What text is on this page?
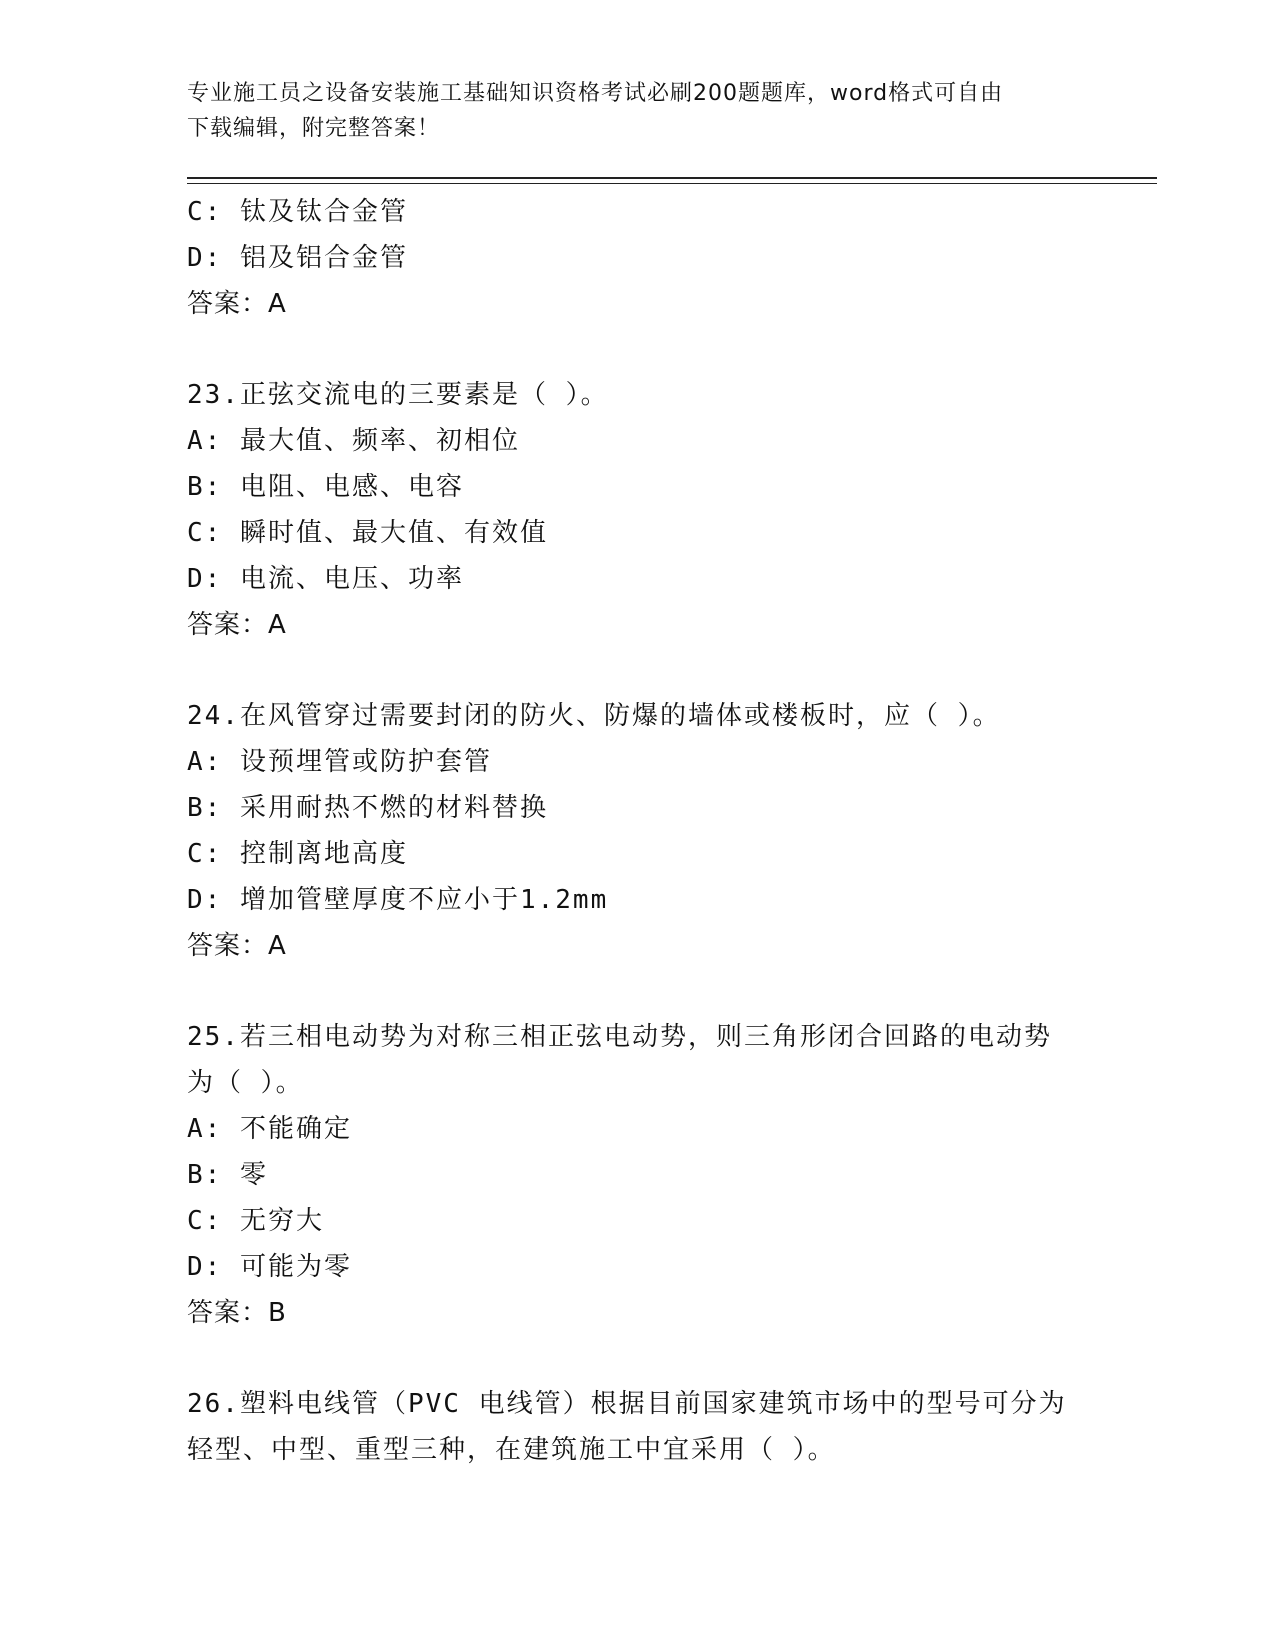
专业施工员之设备安装施工基础知识资格考试必刷200题题库，word格式可自由
下载编辑，附完整答案！
C: 钛及钛合金管
D: 铝及铝合金管
答案：A
23.正弦交流电的三要素是（ ）。
A: 最大值、频率、初相位
B: 电阻、电感、电容
C: 瞬时值、最大值、有效值
D: 电流、电压、功率
答案：A
24.在风管穿过需要封闭的防火、防爆的墙体或楼板时，应（ ）。
A: 设预埋管或防护套管
B: 采用耐热不燃的材料替换
C: 控制离地高度
D: 增加管壁厚度不应小于1.2mm
答案：A
25.若三相电动势为对称三相正弦电动势，则三角形闭合回路的电动势
为（ ）。
A: 不能确定
B: 零
C: 无穷大
D: 可能为零
答案：B
26.塑料电线管（PVC 电线管）根据目前国家建筑市场中的型号可分为
轻型、中型、重型三种，在建筑施工中宜采用（ ）。
